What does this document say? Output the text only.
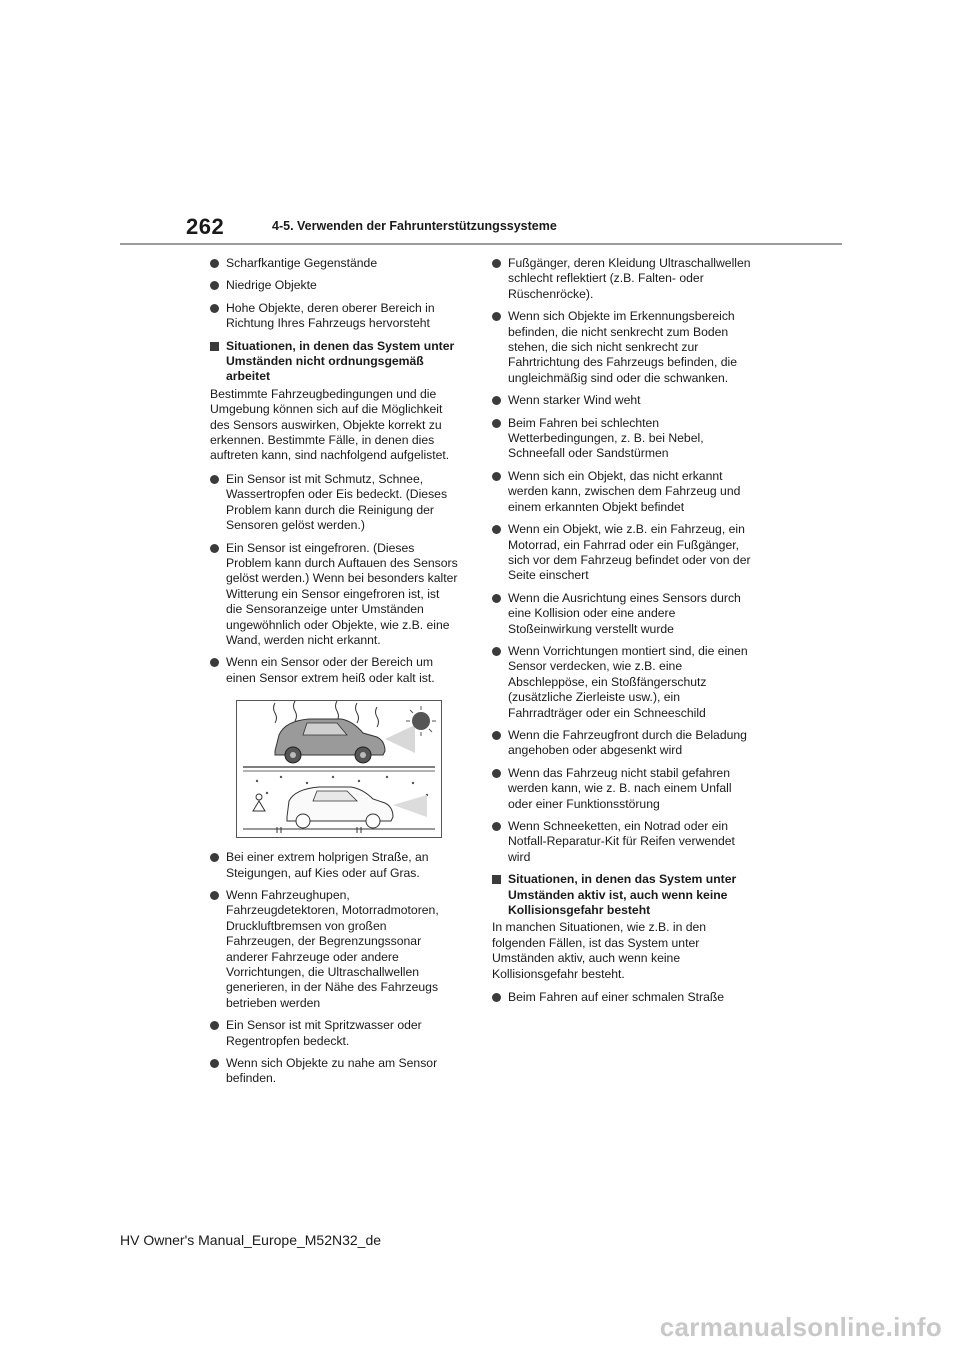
262	4-5. Verwenden der Fahrunterstützungssysteme
Scharfkantige Gegenstände
Niedrige Objekte
Hohe Objekte, deren oberer Bereich in Richtung Ihres Fahrzeugs hervorsteht
Situationen, in denen das System unter Umständen nicht ordnungsgemäß arbeitet
Bestimmte Fahrzeugbedingungen und die Umgebung können sich auf die Möglichkeit des Sensors auswirken, Objekte korrekt zu erkennen. Bestimmte Fälle, in denen dies auftreten kann, sind nachfolgend aufgelistet.
Ein Sensor ist mit Schmutz, Schnee, Wassertropfen oder Eis bedeckt. (Dieses Problem kann durch die Reinigung der Sensoren gelöst werden.)
Ein Sensor ist eingefroren. (Dieses Problem kann durch Auftauen des Sensors gelöst werden.) Wenn bei besonders kalter Witterung ein Sensor eingefroren ist, ist die Sensoranzeige unter Umständen ungewöhnlich oder Objekte, wie z.B. eine Wand, werden nicht erkannt.
Wenn ein Sensor oder der Bereich um einen Sensor extrem heiß oder kalt ist.
Bei einer extrem holprigen Straße, an Steigungen, auf Kies oder auf Gras.
Wenn Fahrzeughupen, Fahrzeugdetektoren, Motorradmotoren, Druckluftbremsen von großen Fahrzeugen, der Begrenzungssonar anderer Fahrzeuge oder andere Vorrichtungen, die Ultraschallwellen generieren, in der Nähe des Fahrzeugs betrieben werden
Ein Sensor ist mit Spritzwasser oder Regentropfen bedeckt.
Wenn sich Objekte zu nahe am Sensor befinden.
Fußgänger, deren Kleidung Ultraschallwellen schlecht reflektiert (z.B. Falten- oder Rüschenröcke).
Wenn sich Objekte im Erkennungsbereich befinden, die nicht senkrecht zum Boden stehen, die sich nicht senkrecht zur Fahrtrichtung des Fahrzeugs befinden, die ungleichmäßig sind oder die schwanken.
Wenn starker Wind weht
Beim Fahren bei schlechten Wetterbedingungen, z. B. bei Nebel, Schneefall oder Sandstürmen
Wenn sich ein Objekt, das nicht erkannt werden kann, zwischen dem Fahrzeug und einem erkannten Objekt befindet
Wenn ein Objekt, wie z.B. ein Fahrzeug, ein Motorrad, ein Fahrrad oder ein Fußgänger, sich vor dem Fahrzeug befindet oder von der Seite einschert
Wenn die Ausrichtung eines Sensors durch eine Kollision oder eine andere Stoßeinwirkung verstellt wurde
Wenn Vorrichtungen montiert sind, die einen Sensor verdecken, wie z.B. eine Abschleppöse, ein Stoßfängerschutz (zusätzliche Zierleiste usw.), ein Fahrradträger oder ein Schneeschild
Wenn die Fahrzeugfront durch die Beladung angehoben oder abgesenkt wird
Wenn das Fahrzeug nicht stabil gefahren werden kann, wie z. B. nach einem Unfall oder einer Funktionsstörung
Wenn Schneeketten, ein Notrad oder ein Notfall-Reparatur-Kit für Reifen verwendet wird
Situationen, in denen das System unter Umständen aktiv ist, auch wenn keine Kollisionsgefahr besteht
In manchen Situationen, wie z.B. in den folgenden Fällen, ist das System unter Umständen aktiv, auch wenn keine Kollisionsgefahr besteht.
Beim Fahren auf einer schmalen Straße
HV Owner's Manual_Europe_M52N32_de
carmanualsonline.info
